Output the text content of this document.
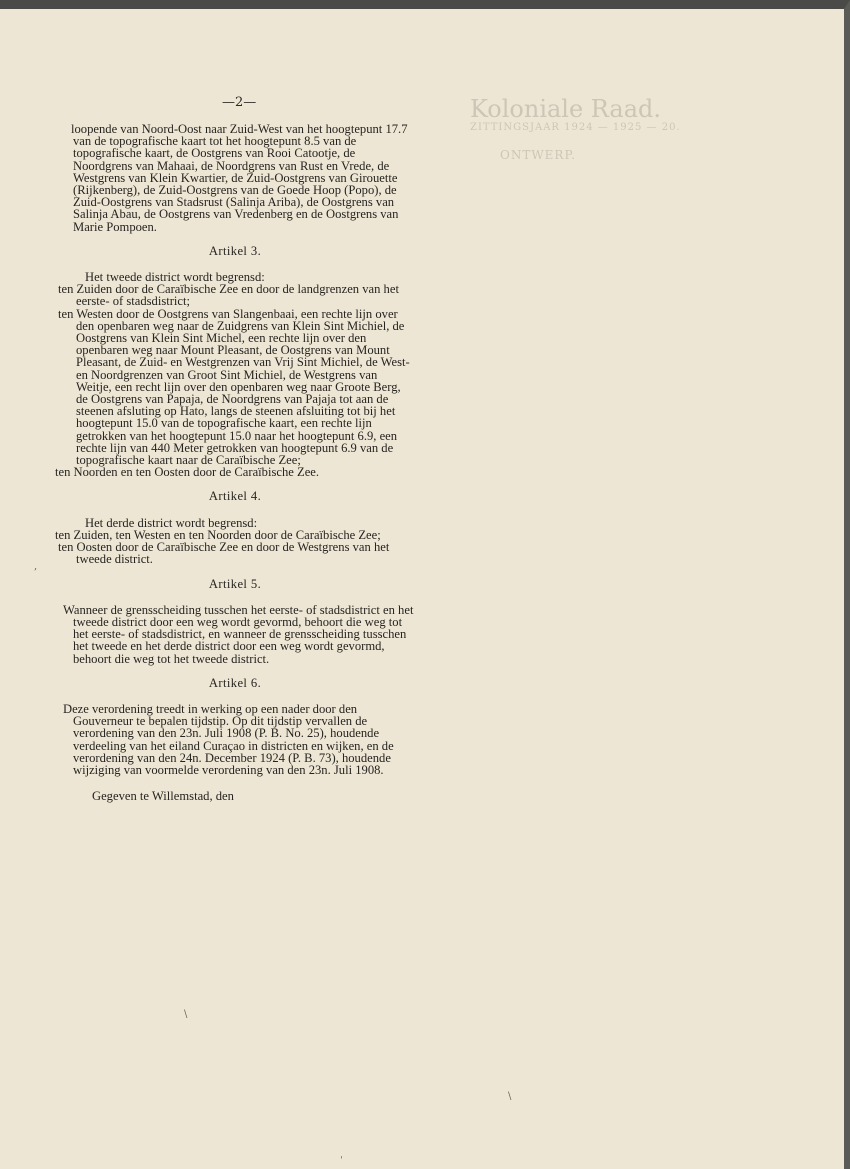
Koloniale Raad.
ZITTINGSJAAR 1924 — 1925 — 20.
ONTWERP.
—2—

loopende van Noord-Oost naar Zuid-West van het hoogtepunt 17.7 van de topografische kaart tot het hoogtepunt 8.5 van de topografische kaart, de Oostgrens van Rooi Catootje, de Noordgrens van Mahaai, de Noordgrens van Rust en Vrede, de Westgrens van Klein Kwartier, de Zuid-Oostgrens van Girouette (Rijkenberg), de Zuid-Oostgrens van de Goede Hoop (Popo), de Zuid-Oostgrens van Stadsrust (Salinja Ariba), de Oostgrens van Salinja Abau, de Oostgrens van Vredenberg en de Oostgrens van Marie Pompoen.

Artikel 3.

Het tweede district wordt begrensd:

ten Zuiden door de Caraïbische Zee en door de landgrenzen van het eerste- of stadsdistrict;

ten Westen door de Oostgrens van Slangenbaai, een rechte lijn over den openbaren weg naar de Zuidgrens van Klein Sint Michiel, de Oostgrens van Klein Sint Michel, een rechte lijn over den openbaren weg naar Mount Pleasant, de Oostgrens van Mount Pleasant, de Zuid- en Westgrenzen van Vrij Sint Michiel, de West- en Noordgrenzen van Groot Sint Michiel, de Westgrens van Weitje, een recht lijn over den openbaren weg naar Groote Berg, de Oostgrens van Papaja, de Noordgrens van Pajaja tot aan de steenen afsluting op Hato, langs de steenen afsluiting tot bij het hoogtepunt 15.0 van de topografische kaart, een rechte lijn getrokken van het hoogtepunt 15.0 naar het hoogtepunt 6.9, een rechte lijn van 440 Meter getrokken van hoogtepunt 6.9 van de topografische kaart naar de Caraïbische Zee;

ten Noorden en ten Oosten door de Caraïbische Zee.

Artikel 4.

Het derde district wordt begrensd:

ten Zuiden, ten Westen en ten Noorden door de Caraïbische Zee;

ten Oosten door de Caraïbische Zee en door de Westgrens van het tweede district.

Artikel 5.

Wanneer de grensscheiding tusschen het eerste- of stadsdistrict en het tweede district door een weg wordt gevormd, behoort die weg tot het eerste- of stadsdistrict, en wanneer de grensscheiding tusschen het tweede en het derde district door een weg wordt gevormd, behoort die weg tot het tweede district.

Artikel 6.

Deze verordening treedt in werking op een nader door den Gouverneur te bepalen tijdstip. Op dit tijdstip vervallen de verordening van den 23n. Juli 1908 (P. B. No. 25), houdende verdeeling van het eiland Curaçao in districten en wijken, en de verordening van den 24n. December 1924 (P. B. 73), houdende wijziging van voormelde verordening van den 23n. Juli 1908.

Gegeven te Willemstad, den

,
\
\
ˌ
